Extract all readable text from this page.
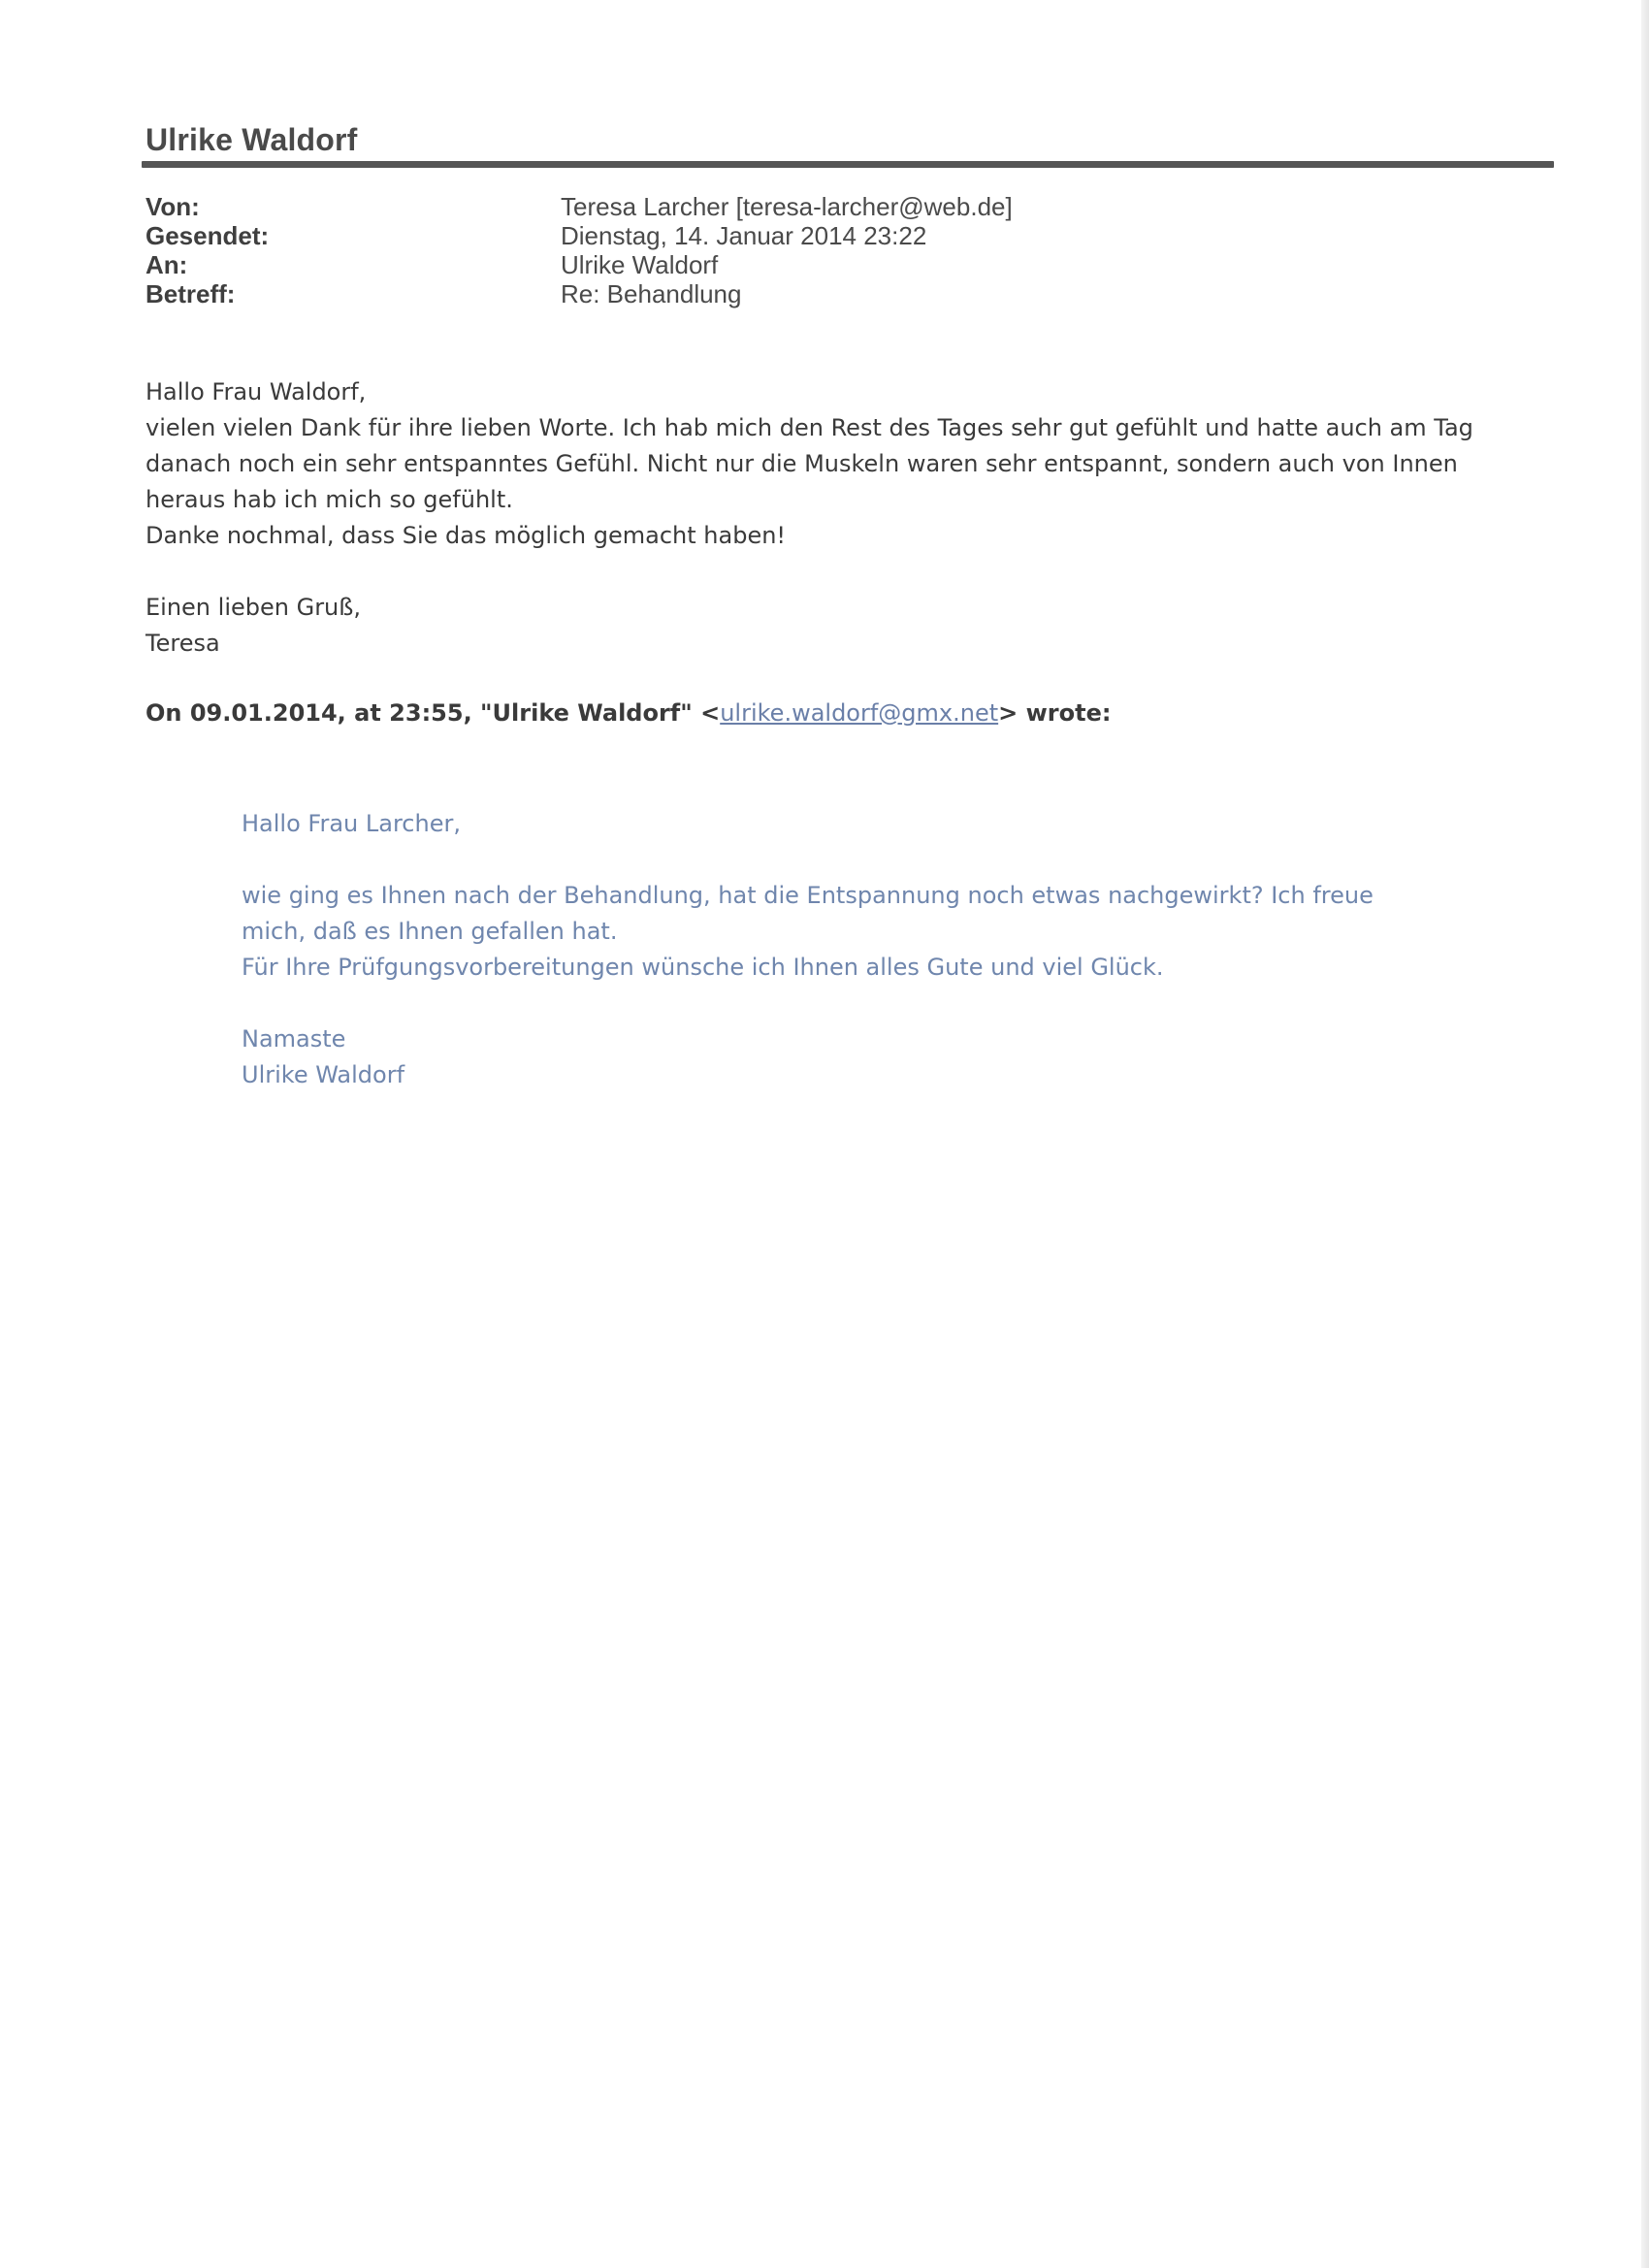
Ulrike Waldorf
Von:	Teresa Larcher [teresa-larcher@web.de]
Gesendet:	Dienstag, 14. Januar 2014 23:22
An:	Ulrike Waldorf
Betreff:	Re: Behandlung

Hallo Frau Waldorf,

vielen vielen Dank für ihre lieben Worte. Ich hab mich den Rest des Tages sehr gut gefühlt und hatte auch am Tag

danach noch ein sehr entspanntes Gefühl. Nicht nur die Muskeln waren sehr entspannt, sondern auch von Innen

heraus hab ich mich so gefühlt.

Danke nochmal, dass Sie das möglich gemacht haben!

Einen lieben Gruß,

Teresa

On 09.01.2014, at 23:55, "Ulrike Waldorf" <ulrike.waldorf@gmx.net> wrote:

Hallo Frau Larcher,

wie ging es Ihnen nach der Behandlung, hat die Entspannung noch etwas nachgewirkt? Ich freue

mich, daß es Ihnen gefallen hat.

Für Ihre Prüfgungsvorbereitungen wünsche ich Ihnen alles Gute und viel Glück.

Namaste

Ulrike Waldorf
